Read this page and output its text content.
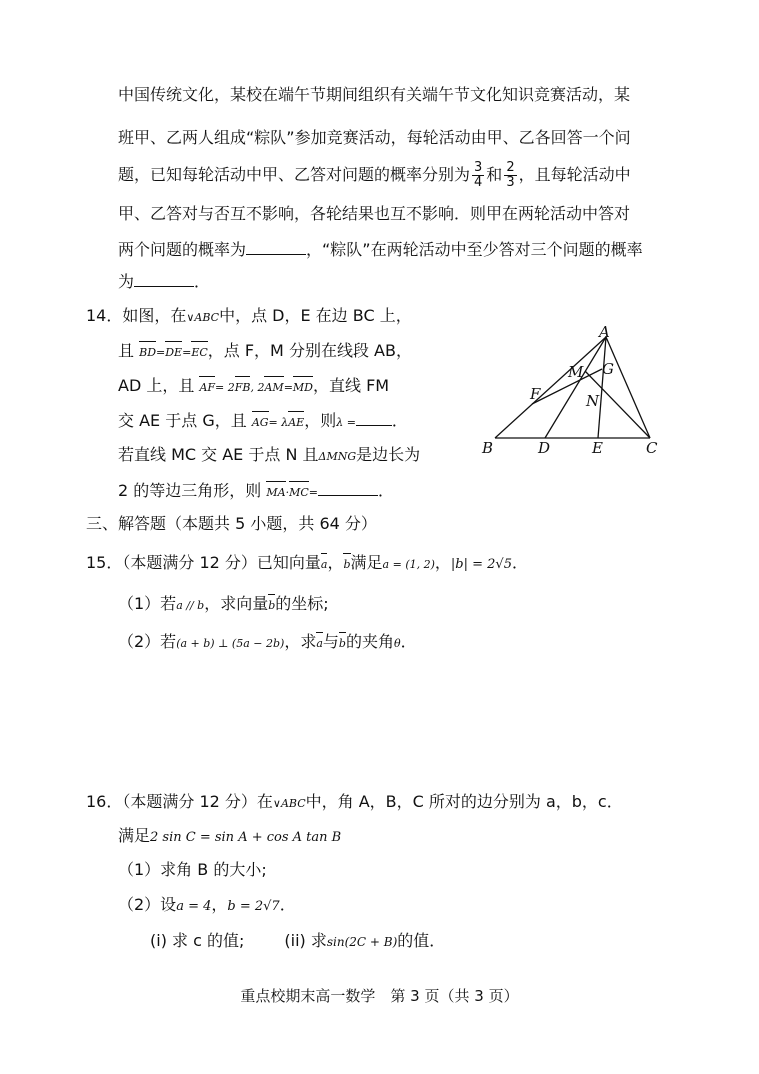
中国传统文化，某校在端午节期间组织有关端午节文化知识竞赛活动，某
班甲、乙两人组成“粽队”参加竞赛活动，每轮活动由甲、乙各回答一个问
题，已知每轮活动中甲、乙答对问题的概率分别为 $\frac{3}{4}$ 和 $\frac{2}{3}$ ，且每轮活动中
甲、乙答对与否互不影响，各轮结果也互不影响．则甲在两轮活动中答对
两个问题的概率为	，“粽队”在两轮活动中至少答对三个问题的概率
为	．
14．如图，在∨ABC中，点 D，E 在边 BC 上，
且 BD=DE=EC，点 F，M 分别在线段 AB，
AD 上，且 AF= 2FB, 2AM=MD，直线 FM
交 AE 于点 G，且 AG= λAE，则λ = ．
若直线 MC 交 AE 于点 N 且ΔMNG是边长为
2 的等边三角形，则 MA·MC=	．
A
B	C
D	E
F
M G
N
三、解答题（本题共 5 小题，共 64 分）
15．（本题满分 12 分）已知向量a，b满足a = (1, 2)，|b| = 2√5．
（1）若a // b，求向量b的坐标;
（2）若(a + b) ⊥ (5a − 2b)，求a与b的夹角θ．
16．（本题满分 12 分）在∨ABC中，角 A，B，C 所对的边分别为 a，b，c．
满足2 sin C = sin A + cos A tan B
（1）求角 B 的大小;
（2）设a = 4，b = 2√7．
(i) 求 c 的值;	(ii) 求sin(2C + B)的值．
重点校期末高一数学　第 3 页（共 3 页）
